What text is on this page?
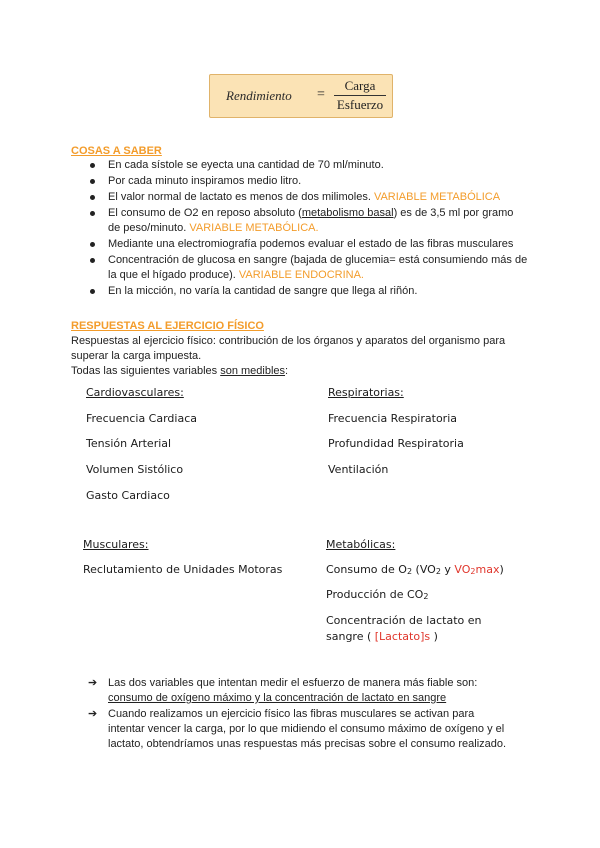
Rendimiento =
Carga
Esfuerzo
COSAS A SABER
En cada sístole se eyecta una cantidad de 70 ml/minuto.
Por cada minuto inspiramos medio litro.
El valor normal de lactato es menos de dos milimoles. VARIABLE METABÓLICA
El consumo de O2 en reposo absoluto (metabolismo basal) es de 3,5 ml por gramo de peso/minuto. VARIABLE METABÓLICA.
Mediante una electromiografía podemos evaluar el estado de las fibras musculares
Concentración de glucosa en sangre (bajada de glucemia= está consumiendo más de la que el hígado produce). VARIABLE ENDOCRINA.
En la micción, no varía la cantidad de sangre que llega al riñón.
RESPUESTAS AL EJERCICIO FÍSICO
Respuestas al ejercicio físico: contribución de los órganos y aparatos del organismo para superar la carga impuesta.
Todas las siguientes variables son medibles:
Cardiovasculares:
Frecuencia Cardiaca
Tensión Arterial
Volumen Sistólico
Gasto Cardiaco
Respiratorias:
Frecuencia Respiratoria
Profundidad Respiratoria
Ventilación
Musculares:
Reclutamiento de Unidades Motoras
Metabólicas:
Consumo de O2 (VO2 y VO2max)
Producción de CO2
Concentración de lactato en
sangre ( [Lactato]s )
➔ Las dos variables que intentan medir el esfuerzo de manera más fiable son:
consumo de oxígeno máximo y la concentración de lactato en sangre
➔ Cuando realizamos un ejercicio físico las fibras musculares se activan para intentar vencer la carga, por lo que midiendo el consumo máximo de oxígeno y el lactato, obtendríamos unas respuestas más precisas sobre el consumo realizado.
